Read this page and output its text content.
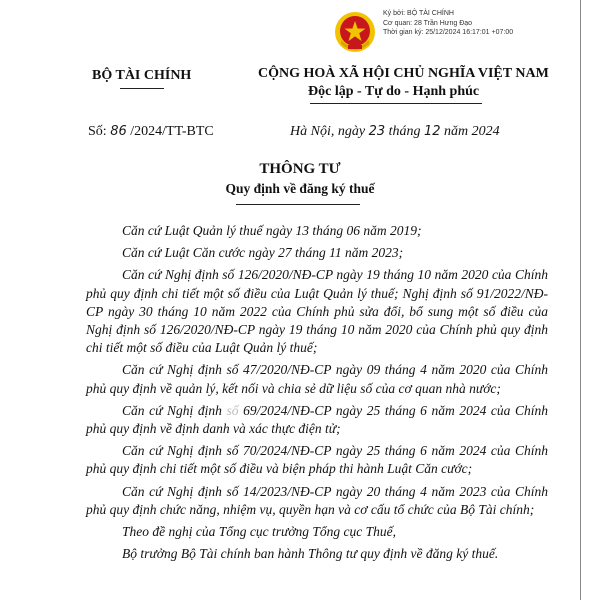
Ký bởi: BỘ TÀI CHÍNH
Cơ quan: 28 Trần Hưng Đạo
Thời gian ký: 25/12/2024 16:17:01 +07:00
BỘ TÀI CHÍNH	CỘNG HOÀ XÃ HỘI CHỦ NGHĨA VIỆT NAM
Độc lập - Tự do - Hạnh phúc
Số: 86 /2024/TT-BTC	Hà Nội, ngày 23 tháng 12 năm 2024
THÔNG TƯ
Quy định về đăng ký thuế

Căn cứ Luật Quản lý thuế ngày 13 tháng 06 năm 2019;

Căn cứ Luật Căn cước ngày 27 tháng 11 năm 2023;

Căn cứ Nghị định số 126/2020/NĐ-CP ngày 19 tháng 10 năm 2020 của Chính phủ quy định chi tiết một số điều của Luật Quản lý thuế; Nghị định số 91/2022/NĐ-CP ngày 30 tháng 10 năm 2022 của Chính phủ sửa đổi, bổ sung một số điều của Nghị định số 126/2020/NĐ-CP ngày 19 tháng 10 năm 2020 của Chính phủ quy định chi tiết một số điều của Luật Quản lý thuế;

Căn cứ Nghị định số 47/2020/NĐ-CP ngày 09 tháng 4 năm 2020 của Chính phủ quy định về quản lý, kết nối và chia sẻ dữ liệu số của cơ quan nhà nước;

Căn cứ Nghị định số 69/2024/NĐ-CP ngày 25 tháng 6 năm 2024 của Chính phủ quy định về định danh và xác thực điện tử;

Căn cứ Nghị định số 70/2024/NĐ-CP ngày 25 tháng 6 năm 2024 của Chính phủ quy định chi tiết một số điều và biện pháp thi hành Luật Căn cước;

Căn cứ Nghị định số 14/2023/NĐ-CP ngày 20 tháng 4 năm 2023 của Chính phủ quy định chức năng, nhiệm vụ, quyền hạn và cơ cấu tổ chức của Bộ Tài chính;

Theo đề nghị của Tổng cục trưởng Tổng cục Thuế,

Bộ trưởng Bộ Tài chính ban hành Thông tư quy định về đăng ký thuế.
